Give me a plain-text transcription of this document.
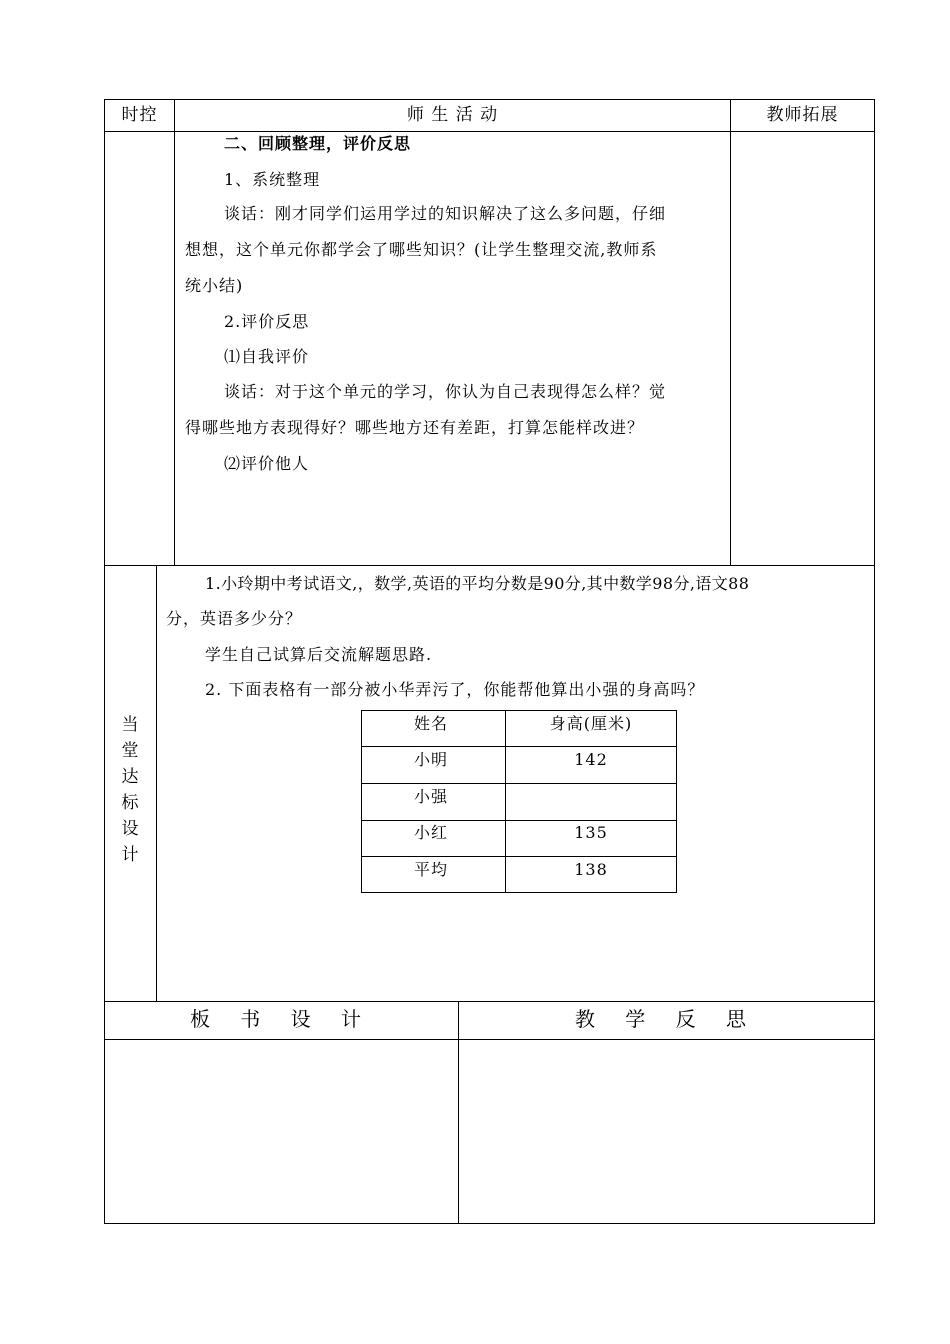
时控	师 生 活 动	教师拓展
二、回顾整理，评价反思
1、系统整理
谈话：刚才同学们运用学过的知识解决了这么多问题，仔细
想想，这个单元你都学会了哪些知识？(让学生整理交流,教师系
统小结)
2.评价反思
⑴自我评价
谈话：对于这个单元的学习，你认为自己表现得怎么样？觉
得哪些地方表现得好？哪些地方还有差距，打算怎能样改进？
⑵评价他人
当
堂
达
标
设
计
1.小玲期中考试语文,，数学,英语的平均分数是90分,其中数学98分,语文88
分，英语多少分？
学生自己试算后交流解题思路.
2. 下面表格有一部分被小华弄污了，你能帮他算出小强的身高吗？
姓名	身高(厘米)
小明	142
小强
小红	135
平均	138
板 书 设 计	教 学 反 思
